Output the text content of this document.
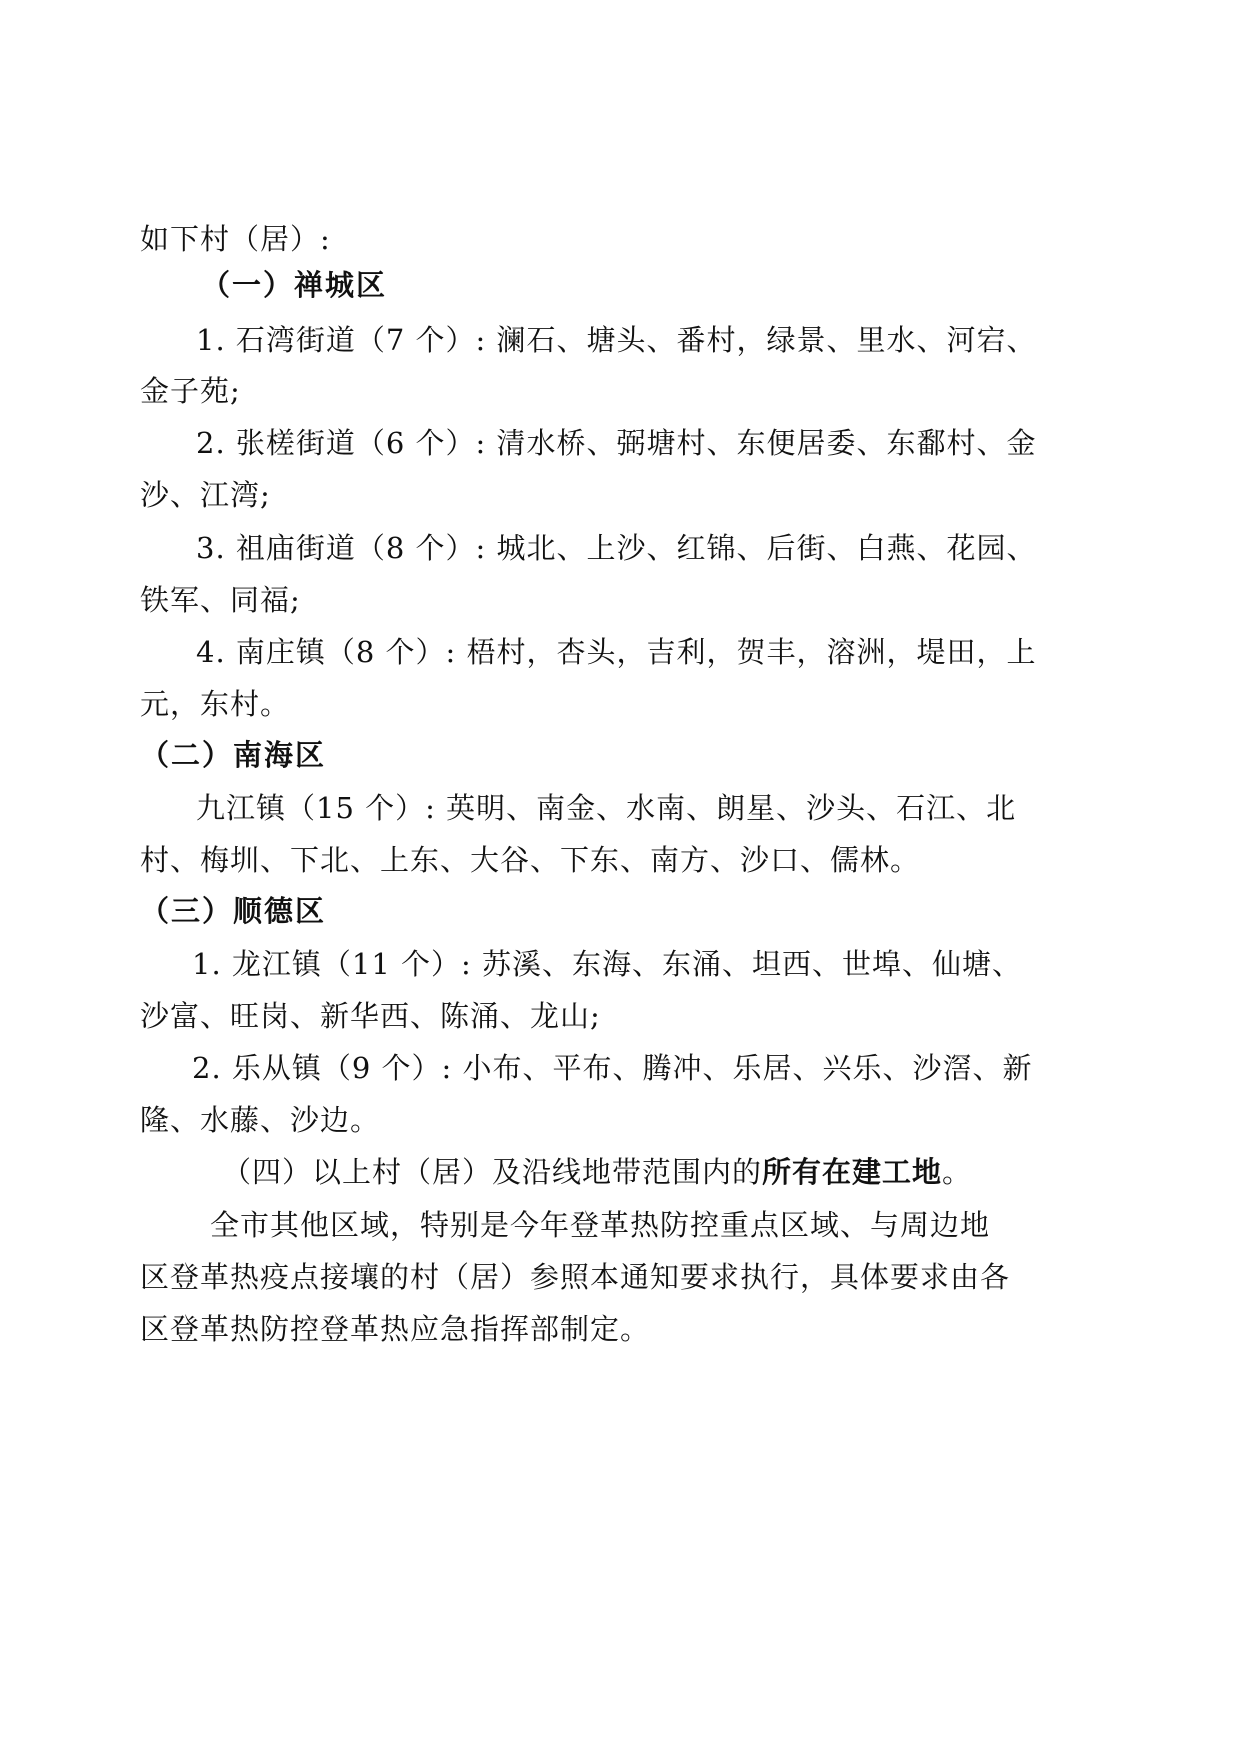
如下村（居）:
（一）禅城区
1. 石湾街道（7 个）: 澜石、塘头、番村，绿景、里水、河宕、
金子苑;
2. 张槎街道（6 个）: 清水桥、弼塘村、东便居委、东鄱村、金
沙、江湾;
3. 祖庙街道（8 个）: 城北、上沙、红锦、后街、白燕、花园、
铁军、同福;
4. 南庄镇（8 个）: 梧村，杏头，吉利，贺丰，溶洲，堤田，上
元，东村。
（二）南海区
九江镇（15 个）: 英明、南金、水南、朗星、沙头、石江、北
村、梅圳、下北、上东、大谷、下东、南方、沙口、儒林。
（三）顺德区
1. 龙江镇（11 个）: 苏溪、东海、东涌、坦西、世埠、仙塘、
沙富、旺岗、新华西、陈涌、龙山;
2. 乐从镇（9 个）: 小布、平布、腾冲、乐居、兴乐、沙滘、新
隆、水藤、沙边。
（四）以上村（居）及沿线地带范围内的所有在建工地。
全市其他区域，特别是今年登革热防控重点区域、与周边地
区登革热疫点接壤的村（居）参照本通知要求执行，具体要求由各
区登革热防控登革热应急指挥部制定。
